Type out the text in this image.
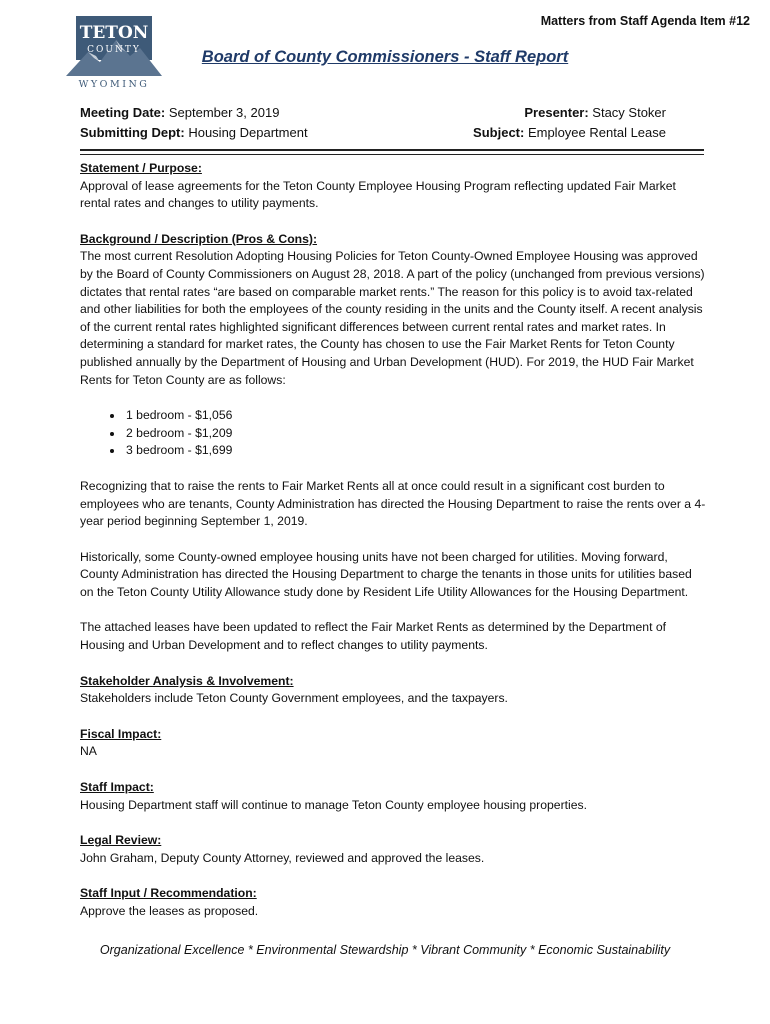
TETON
COUNTY
WYOMING
Matters from Staff Agenda Item #12
Board of County Commissioners - Staff Report
Meeting Date: September 3, 2019
Submitting Dept: Housing Department
Presenter: Stacy Stoker
Subject: Employee Rental Lease
Statement / Purpose:

Approval of lease agreements for the Teton County Employee Housing Program reflecting updated Fair Market rental rates and changes to utility payments.

Background / Description (Pros & Cons):

The most current Resolution Adopting Housing Policies for Teton County-Owned Employee Housing was approved by the Board of County Commissioners on August 28, 2018. A part of the policy (unchanged from previous versions) dictates that rental rates “are based on comparable market rents.” The reason for this policy is to avoid tax-related and other liabilities for both the employees of the county residing in the units and the County itself. A recent analysis of the current rental rates highlighted significant differences between current rental rates and market rates. In determining a standard for market rates, the County has chosen to use the Fair Market Rents for Teton County published annually by the Department of Housing and Urban Development (HUD). For 2019, the HUD Fair Market Rents for Teton County are as follows:

• 1 bedroom - $1,056
• 2 bedroom - $1,209
• 3 bedroom - $1,699

Recognizing that to raise the rents to Fair Market Rents all at once could result in a significant cost burden to employees who are tenants, County Administration has directed the Housing Department to raise the rents over a 4-year period beginning September 1, 2019.

Historically, some County-owned employee housing units have not been charged for utilities. Moving forward, County Administration has directed the Housing Department to charge the tenants in those units for utilities based on the Teton County Utility Allowance study done by Resident Life Utility Allowances for the Housing Department.

The attached leases have been updated to reflect the Fair Market Rents as determined by the Department of Housing and Urban Development and to reflect changes to utility payments.

Stakeholder Analysis & Involvement:

Stakeholders include Teton County Government employees, and the taxpayers.

Fiscal Impact:

NA

Staff Impact:

Housing Department staff will continue to manage Teton County employee housing properties.

Legal Review:

John Graham, Deputy County Attorney, reviewed and approved the leases.

Staff Input / Recommendation:

Approve the leases as proposed.

Organizational Excellence * Environmental Stewardship * Vibrant Community * Economic Sustainability
